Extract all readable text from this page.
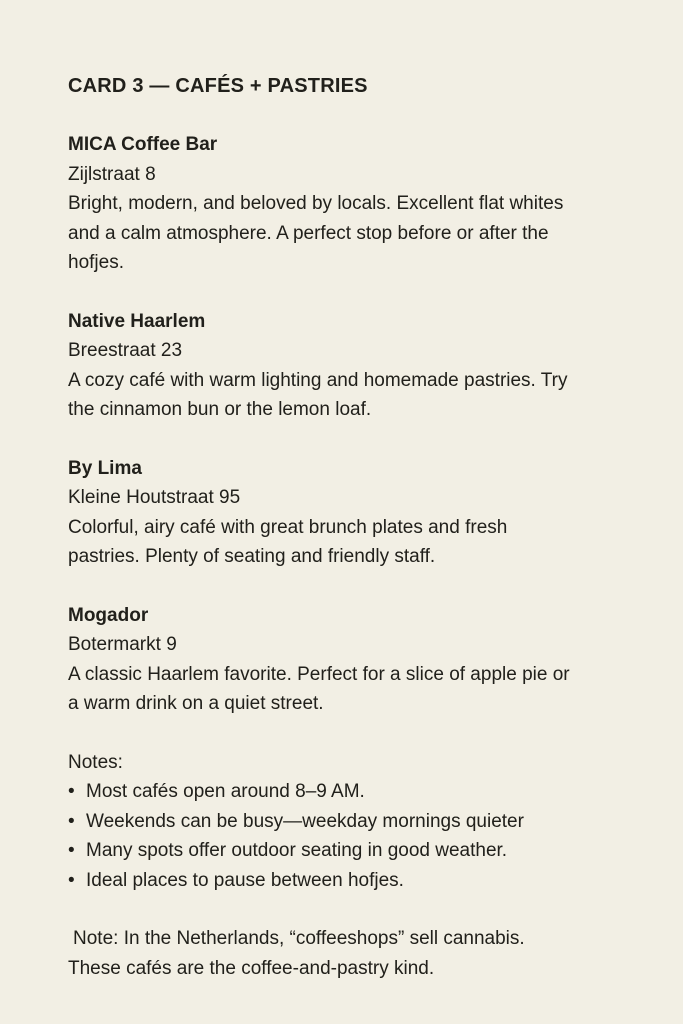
CARD 3 — CAFÉS + PASTRIES
MICA Coffee Bar
Zijlstraat 8
Bright, modern, and beloved by locals. Excellent flat whites and a calm atmosphere. A perfect stop before or after the hofjes.
Native Haarlem
Breestraat 23
A cozy café with warm lighting and homemade pastries. Try the cinnamon bun or the lemon loaf.
By Lima
Kleine Houtstraat 95
Colorful, airy café with great brunch plates and fresh pastries. Plenty of seating and friendly staff.
Mogador
Botermarkt 9
A classic Haarlem favorite. Perfect for a slice of apple pie or a warm drink on a quiet street.
Notes:
•
Most cafés open around 8–9 AM.
•
Weekends can be busy—weekday mornings quieter
•
Many spots offer outdoor seating in good weather.
•
Ideal places to pause between hofjes.
Note: In the Netherlands, “coffeeshops” sell cannabis.
These cafés are the coffee-and-pastry kind.
